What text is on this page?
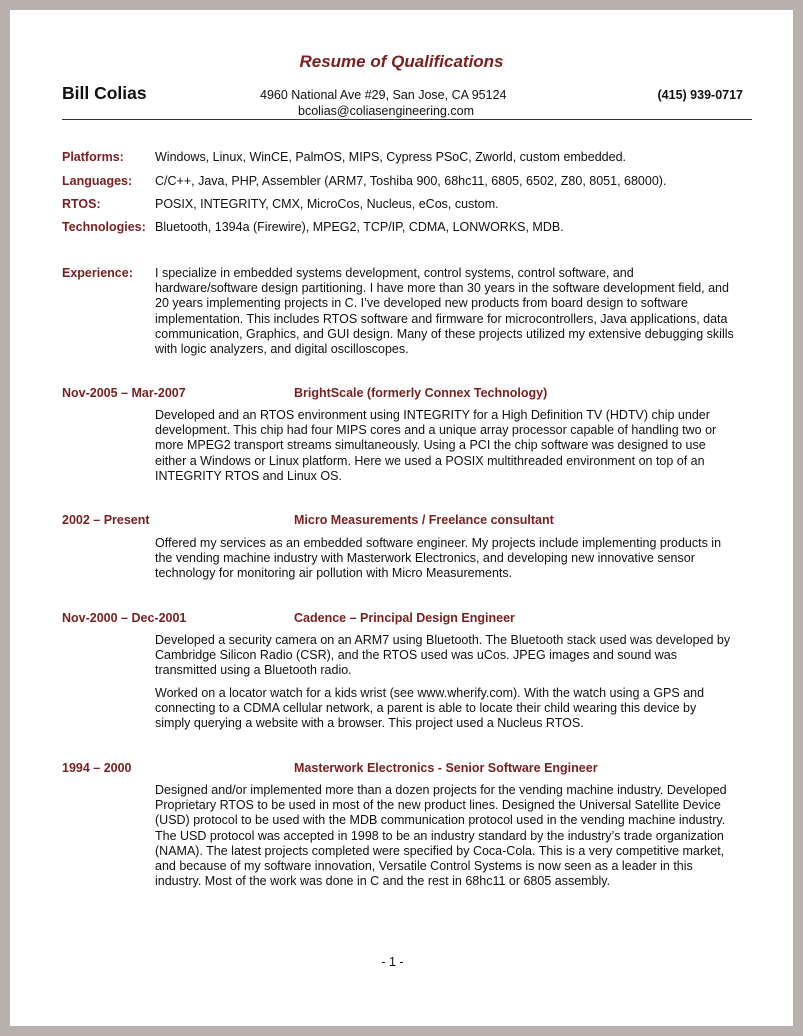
Resume of Qualifications
Bill Colias	4960 National Ave #29, San Jose, CA 95124
bcolias@coliasengineering.com
(415) 939-0717
Platforms: Windows, Linux, WinCE, PalmOS, MIPS, Cypress PSoC, Zworld, custom embedded.
Languages: C/C++, Java, PHP, Assembler (ARM7, Toshiba 900, 68hc11, 6805, 6502, Z80, 8051, 68000).
RTOS:	POSIX, INTEGRITY, CMX, MicroCos, Nucleus, eCos, custom.
Technologies: Bluetooth, 1394a (Firewire), MPEG2, TCP/IP, CDMA, LONWORKS, MDB.
Experience: I specialize in embedded systems development, control systems, control software, and
hardware/software design partitioning. I have more than 30 years in the software development field, and
20 years implementing projects in C. I’ve developed new products from board design to software
implementation. This includes RTOS software and firmware for microcontrollers, Java applications, data
communication, Graphics, and GUI design. Many of these projects utilized my extensive debugging skills
with logic analyzers, and digital oscilloscopes.
Nov-2005 – Mar-2007	BrightScale (formerly Connex Technology)
Developed and an RTOS environment using INTEGRITY for a High Definition TV (HDTV) chip under
development. This chip had four MIPS cores and a unique array processor capable of handling two or
more MPEG2 transport streams simultaneously. Using a PCI the chip software was designed to use
either a Windows or Linux platform. Here we used a POSIX multithreaded environment on top of an
INTEGRITY RTOS and Linux OS.
2002 – Present	Micro Measurements / Freelance consultant
Offered my services as an embedded software engineer. My projects include implementing products in
the vending machine industry with Masterwork Electronics, and developing new innovative sensor
technology for monitoring air pollution with Micro Measurements.
Nov-2000 – Dec-2001	Cadence – Principal Design Engineer
Developed a security camera on an ARM7 using Bluetooth. The Bluetooth stack used was developed by
Cambridge Silicon Radio (CSR), and the RTOS used was uCos. JPEG images and sound was
transmitted using a Bluetooth radio.
Worked on a locator watch for a kids wrist (see www.wherify.com). With the watch using a GPS and
connecting to a CDMA cellular network, a parent is able to locate their child wearing this device by
simply querying a website with a browser. This project used a Nucleus RTOS.
1994 – 2000	Masterwork Electronics - Senior Software Engineer
Designed and/or implemented more than a dozen projects for the vending machine industry. Developed
Proprietary RTOS to be used in most of the new product lines. Designed the Universal Satellite Device
(USD) protocol to be used with the MDB communication protocol used in the vending machine industry.
The USD protocol was accepted in 1998 to be an industry standard by the industry’s trade organization
(NAMA). The latest projects completed were specified by Coca-Cola. This is a very competitive market,
and because of my software innovation, Versatile Control Systems is now seen as a leader in this
industry. Most of the work was done in C and the rest in 68hc11 or 6805 assembly.
- 1 -
